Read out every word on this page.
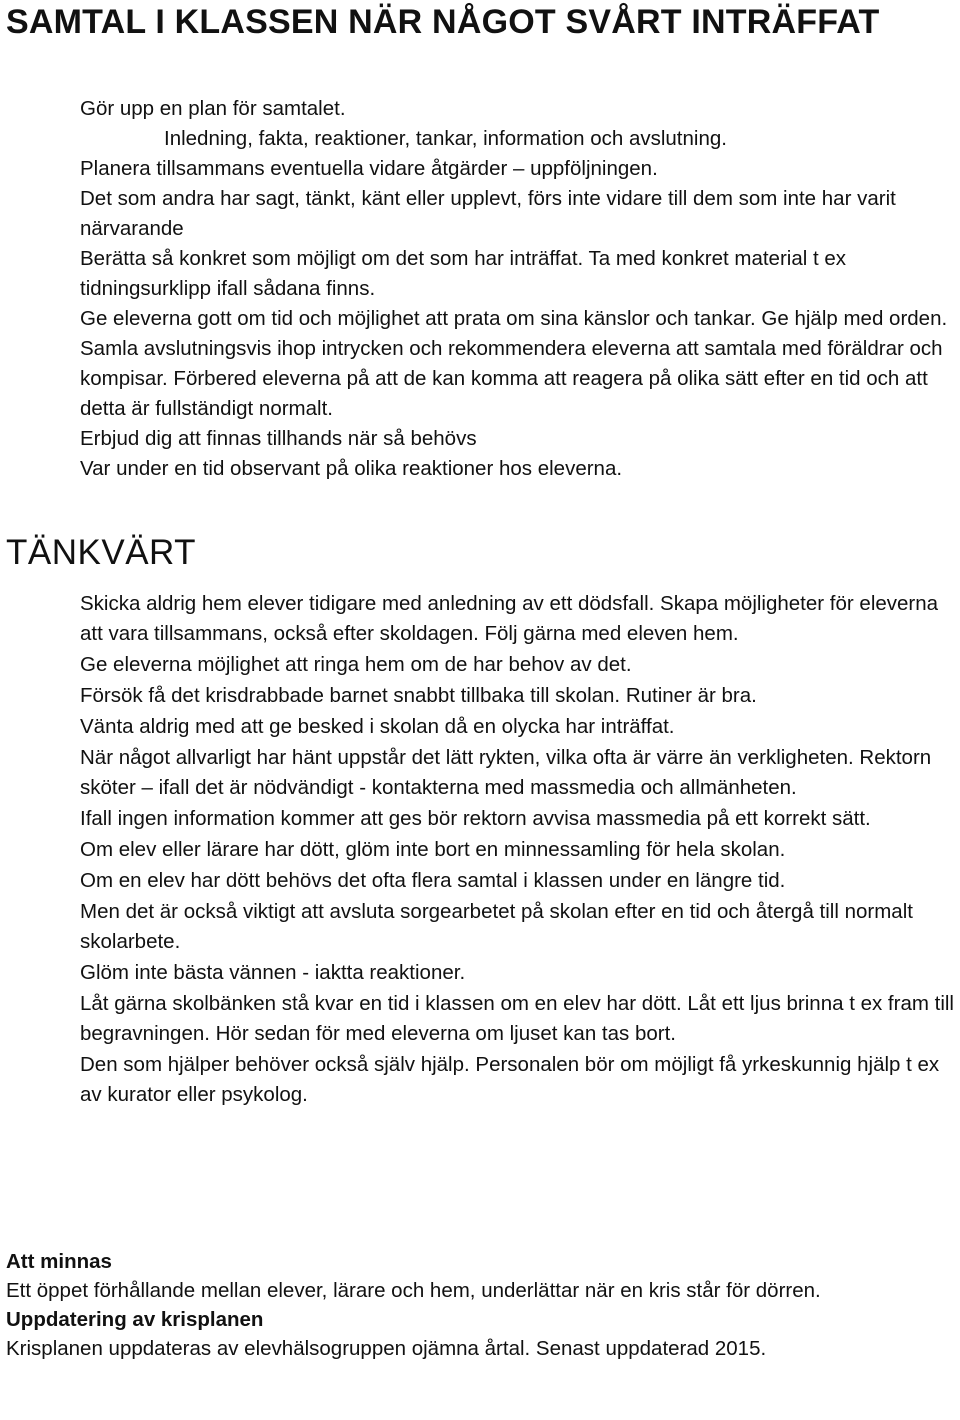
SAMTAL I KLASSEN NÄR NÅGOT SVÅRT INTRÄFFAT

Gör upp en plan för samtalet.

Inledning, fakta, reaktioner, tankar, information och avslutning.

Planera tillsammans eventuella vidare åtgärder – uppföljningen.

Det som andra har sagt, tänkt, känt eller upplevt, förs inte vidare till dem som inte har varit närvarande

Berätta så konkret som möjligt om det som har inträffat. Ta med konkret material t ex tidningsurklipp ifall sådana finns.

Ge eleverna gott om tid och möjlighet att prata om sina känslor och tankar. Ge hjälp med orden.

Samla avslutningsvis ihop intrycken och rekommendera eleverna att samtala med föräldrar och kompisar. Förbered eleverna på att de kan komma att reagera på olika sätt efter en tid och att detta är fullständigt normalt.

Erbjud dig att finnas tillhands när så behövs

Var under en tid observant på olika reaktioner hos eleverna.

TÄNKVÄRT

Skicka aldrig hem elever tidigare med anledning av ett dödsfall. Skapa möjligheter för eleverna att vara tillsammans, också efter skoldagen. Följ gärna med eleven hem.

Ge eleverna möjlighet att ringa hem om de har behov av det.

Försök få det krisdrabbade barnet snabbt tillbaka till skolan. Rutiner är bra.

Vänta aldrig med att ge besked i skolan då en olycka har inträffat.

När något allvarligt har hänt uppstår det lätt rykten, vilka ofta är värre än verkligheten. Rektorn sköter – ifall det är nödvändigt - kontakterna med massmedia och allmänheten.

Ifall ingen information kommer att ges bör rektorn avvisa massmedia på ett korrekt sätt.

Om elev eller lärare har dött, glöm inte bort en minnessamling för hela skolan.

Om en elev har dött behövs det ofta flera samtal i klassen under en längre tid.

Men det är också viktigt att avsluta sorgearbetet på skolan efter en tid och återgå till normalt skolarbete.

Glöm inte bästa vännen - iaktta reaktioner.

Låt gärna skolbänken stå kvar en tid i klassen om en elev har dött. Låt ett ljus brinna t ex fram till begravningen. Hör sedan för med eleverna om ljuset kan tas bort.

Den som hjälper behöver också själv hjälp. Personalen bör om möjligt få yrkeskunnig hjälp t ex av kurator eller psykolog.

Att minnas

Ett öppet förhållande mellan elever, lärare och hem, underlättar när en kris står för dörren.

Uppdatering av krisplanen

Krisplanen uppdateras av elevhälsogruppen ojämna årtal. Senast uppdaterad 2015.
